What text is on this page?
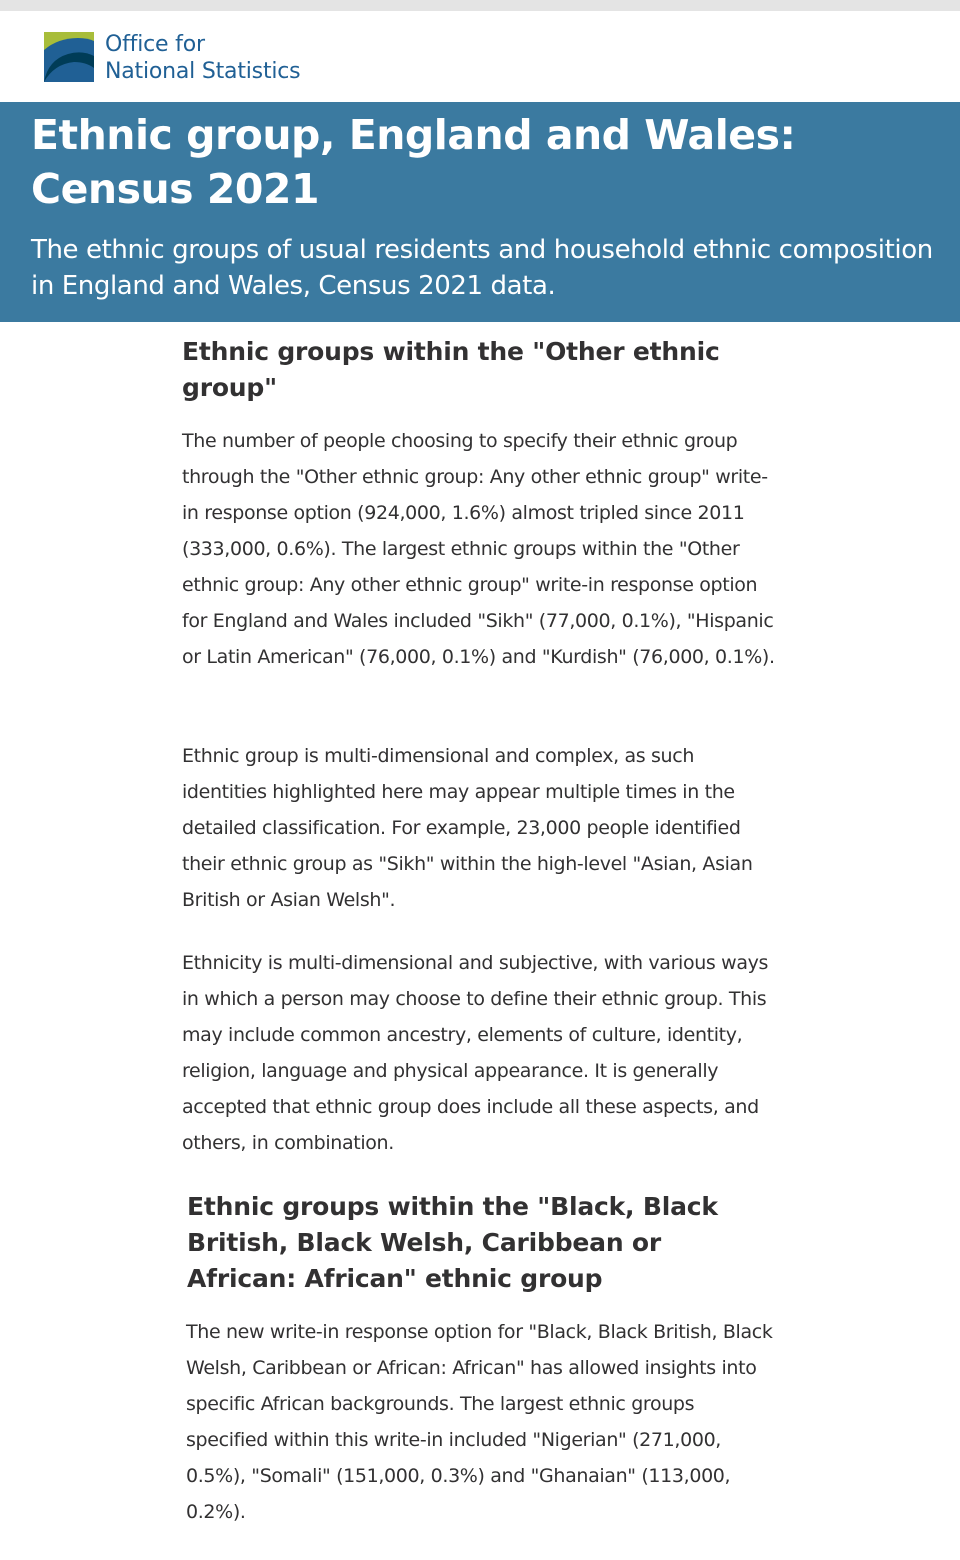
Office for
National Statistics
Ethnic group, England and Wales: Census 2021

The ethnic groups of usual residents and household ethnic composition in England and Wales, Census 2021 data.

Ethnic groups within the "Other ethnic group"

The number of people choosing to specify their ethnic group through the "Other ethnic group: Any other ethnic group" write-in response option (924,000, 1.6%) almost tripled since 2011 (333,000, 0.6%). The largest ethnic groups within the "Other ethnic group: Any other ethnic group" write-in response option for England and Wales included "Sikh" (77,000, 0.1%), "Hispanic or Latin American" (76,000, 0.1%) and "Kurdish" (76,000, 0.1%).

Ethnic group is multi-dimensional and complex, as such identities highlighted here may appear multiple times in the detailed classification. For example, 23,000 people identified their ethnic group as "Sikh" within the high-level "Asian, Asian British or Asian Welsh".

Ethnicity is multi-dimensional and subjective, with various ways in which a person may choose to define their ethnic group. This may include common ancestry, elements of culture, identity, religion, language and physical appearance. It is generally accepted that ethnic group does include all these aspects, and others, in combination.

Ethnic groups within the "Black, Black British, Black Welsh, Caribbean or African: African" ethnic group

The new write-in response option for "Black, Black British, Black Welsh, Caribbean or African: African" has allowed insights into specific African backgrounds. The largest ethnic groups specified within this write-in included "Nigerian" (271,000, 0.5%), "Somali" (151,000, 0.3%) and "Ghanaian" (113,000, 0.2%).
